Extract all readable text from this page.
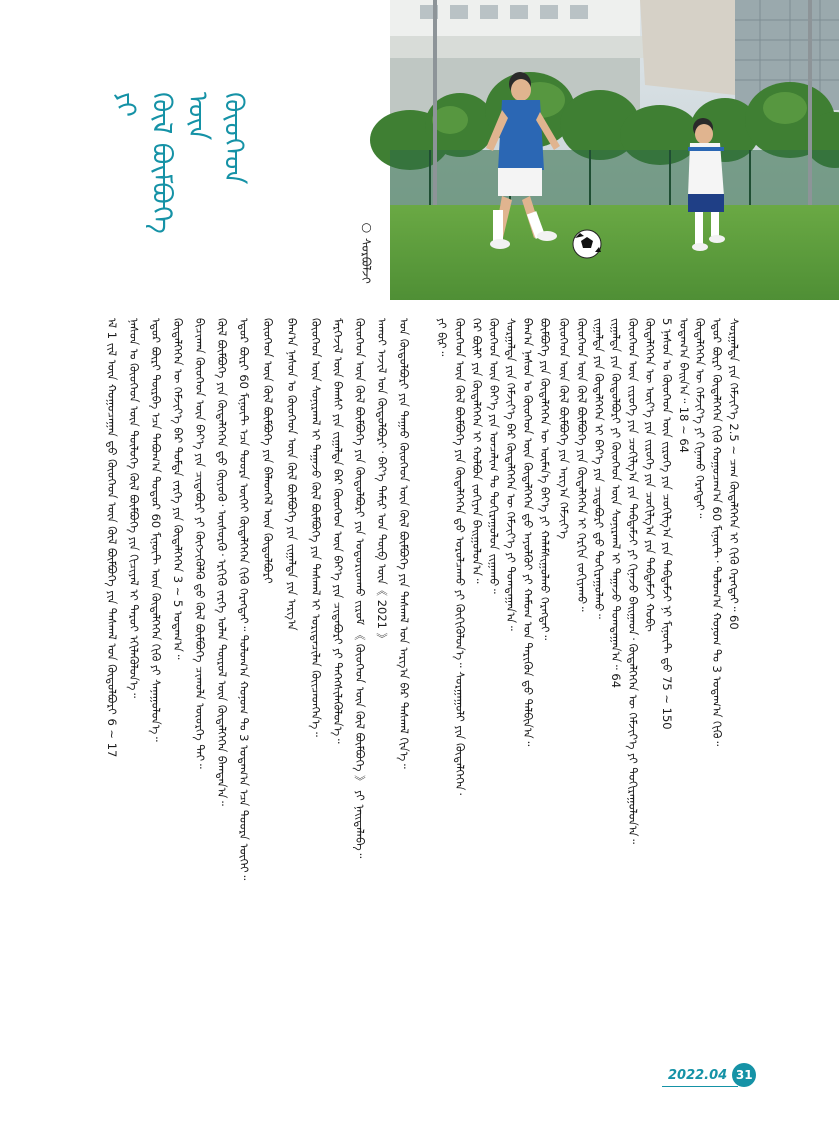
ᠶᠢ ᠬᠥᠯ ᠪᠥᠮᠪᠥᠭᠡ ᠦᠨ ᠬᠦᠦᠬᠡᠳ
○
ᠰᠤᠷᠪᠤᠯᠵᠢ
ᠡᠯ 1 ᠵᠢᠯ ᠦᠨ ᠬᠤᠭᠤᠴᠠᠭᠠᠨ ᠳ᠋ᠤ ᠬᠦᠦᠬᠡᠳ ᠦᠨ ᠬᠥᠯ ᠪᠥᠮᠪᠥᠭᠡ ᠶᠢᠨ ᠳᠠᠰᠬᠠᠯ ᠤᠨ ᠬᠥᠲᠥᠯᠪᠦᠷᠢ 6 ~ 17 ᠨᠠᠰᠤᠨ ᠤ ᠬᠦᠦᠬᠡᠳ ᠦᠨ ᠲᠥᠯᠦᠭᠡ ᠬᠥᠯ ᠪᠥᠮᠪᠥᠭᠡ ᠶᠢᠨ ᠬᠢᠴᠢᠶᠡᠯ ᠢ ᠳᠠᠷᠤᠢ ᠡᠬᠢᠯᠡᠭᠦᠯᠦᠨ᠎ᠡ᠃ ᠡᠳᠦᠷ ᠪᠦᠷᠢ ᠳᠦᠷᠪᠡ ᠡᠴᠡ ᠳᠠᠪᠤᠭ᠎ᠠ ᠲᠤᠳᠤᠷ 60 ᠮᠢᠨᠦ᠋ᠲ ᠦᠨ ᠬᠥᠳᠡᠯᠭᠡᠭᠡᠨ ᠬᠢᠬᠦ ᠶᠢ ᠰᠠᠨᠠᠭᠤᠯᠤᠨ᠎ᠡ᠃ ᠬᠦᠳᠡᠯᠭᠡᠭᠡᠨ ᠦ ᠬᠡᠮᠵᠢᠶ᠎ᠡ ᠪᠠᠷ ᠳᠤᠮᠳᠠ ᠵᠡᠷᠭᠡ ᠶᠢᠨ ᠬᠥᠳᠡᠯᠭᠡᠭᠡᠨ 3 ~ 5 ᠤᠳᠠᠭ᠎ᠠ᠃ ᠪᠢᠴᠢᠬᠠᠨ ᠬᠦᠦᠬᠡᠳ ᠦᠨ ᠪᠡᠶ᠎ᠡ ᠶᠢᠨ ᠴᠢᠳᠠᠪᠤᠷᠢ ᠶᠢ ᠬᠥᠭᠵᠢᠭᠦᠯᠬᠦ ᠳ᠋ᠤ ᠬᠥᠯ ᠪᠥᠮᠪᠥᠭᠡ ᠴᠢᠬᠤᠯᠠ ᠦᠦᠷᠭᠡ ᠲᠠᠢ᠃ ᠬᠥᠯ ᠪᠥᠮᠪᠥᠭᠡ ᠶᠢᠨ ᠬᠥᠳᠡᠯᠭᠡᠭᠡᠨ ᠳ᠋ᠦ ᠭᠦᠶᠦᠬᠦ᠂ ᠦᠰᠦᠷᠬᠦ᠂ ᠡᠷᠭᠢᠬᠦ ᠵᠡᠷᠭᠡ ᠣᠯᠠᠨ ᠲᠥᠷᠦᠯ ᠦᠨ ᠬᠥᠳᠡᠯᠭᠡᠭᠡᠨ ᠪᠠᠭᠲᠠᠨ᠎ᠠ᠃ ᠡᠳᠦᠷ ᠪᠦᠷᠢ 60 ᠮᠢᠨᠦ᠋ᠲ ᠡᠴᠡ ᠳᠤᠤᠷᠠ ᠦᠭᠡᠢ ᠬᠥᠳᠡᠯᠭᠡᠭᠡᠨ ᠬᠢᠬᠦ ᠬᠡᠷᠡᠭᠲᠡᠢ᠃ ᠳᠣᠯᠤᠭ᠎ᠠ ᠬᠣᠨᠤᠭ ᠲᠤ 3 ᠤᠳᠠᠭ᠎ᠠ ᠡᠴᠡ ᠳᠤᠤᠷᠠ ᠦᠭᠡᠢ᠃ ᠬᠦᠦᠬᠡᠳ ᠦᠨ ᠬᠥᠯ ᠪᠥᠮᠪᠥᠭᠡ ᠶᠢᠨ ᠪᠡᠯᠡᠳᠬᠡᠯ ᠦᠨ ᠬᠥᠲᠥᠯᠪᠦᠷᠢ ᠪᠠᠭ᠎ᠠ ᠨᠠᠰᠤᠨ ᠤ ᠬᠦᠦᠬᠡᠳ ᠦᠨ ᠬᠥᠯ ᠪᠥᠮᠪᠥᠭᠡ ᠶᠢᠨ ᠵᠢᠭᠠᠯᠲᠠ ᠶᠢᠨ ᠠᠷᠭ᠎ᠠ ᠬᠦᠦᠬᠡᠳ ᠦᠨ ᠰᠣᠨᠢᠷᠬᠠᠯ ᠢ ᠳᠠᠭᠠᠵᠤ ᠬᠥᠯ ᠪᠥᠮᠪᠥᠭᠡ ᠶᠢᠨ ᠳᠠᠰᠬᠠᠯ ᠢ ᠤᠷᠢᠳᠠᠴᠢᠯᠠᠨ ᠭᠦᠢᠴᠡᠳᠬᠡᠨ᠎ᠡ᠃ ᠮᠡᠷᠭᠡᠵᠢᠯ ᠦᠨ ᠪᠠᠭᠰᠢ ᠶᠢᠨ ᠵᠢᠭᠠᠯᠲᠠ ᠪᠠᠷ ᠬᠦᠦᠬᠡᠳ ᠦᠨ ᠪᠡᠶ᠎ᠡ ᠶᠢᠨ ᠴᠢᠳᠠᠪᠤᠷᠢ ᠶᠢ ᠳᠡᠭᠡᠭᠰᠢᠯᠡᠭᠦᠯᠦᠨ᠎ᠡ᠃ ᠬᠦᠦᠬᠡᠳ ᠦᠨ ᠬᠥᠯ ᠪᠥᠮᠪᠥᠭᠡ ᠶᠢᠨ ᠬᠥᠲᠥᠯᠪᠦᠷᠢ ᠶᠢᠨ ᠤᠳᠤᠷᠢᠳᠬᠤ ᠵᠢᠷᠤᠮ 《 ᠬᠦᠦᠬᠡᠳ ᠦᠨ ᠬᠥᠯ ᠪᠥᠮᠪᠥᠭᠡ 》 ᠶᠢ ᠨᠡᠢᠲᠡᠯᠡᠪᠡ᠃ ᠠᠬᠤᠢ ᠠᠵᠢᠯ ᠤᠨ ᠬᠥᠲᠥᠯᠪᠦᠷᠢ᠂ ᠪᠡᠶ᠎ᠡ ᠲᠠᠮᠢᠷ ᠤᠨ ᠲᠥᠪ ᠦᠨ《 2021 》 ᠤᠨ ᠬᠥᠲᠥᠯᠪᠦᠷᠢ ᠶᠢᠨ ᠳᠠᠭᠠᠤ ᠬᠦᠦᠬᠡᠳ ᠦᠨ ᠬᠥᠯ ᠪᠥᠮᠪᠥᠭᠡ ᠶᠢᠨ ᠳᠠᠰᠬᠠᠯ ᠤᠨ ᠠᠷᠭ᠎ᠠ ᠪᠠᠷ ᠳᠠᠰᠬᠠᠯ ᠬᠢᠨ᠎ᠡ᠃	ᠶᠢ ᠪᠢᠷ᠃ ᠬᠦᠦᠬᠡᠳ ᠦᠨ ᠬᠥᠯ ᠪᠥᠮᠪᠥᠭᠡ ᠶᠢᠨ ᠬᠥᠳᠡᠯᠭᠡᠭᠡᠨ ᠳ᠋ᠦ ᠣᠷᠤᠯᠴᠠᠬᠤ ᠶᠢ ᠬᠥᠬᠢᠭᠦᠯᠦᠨ᠎ᠡ᠃ ᠰᠤᠷᠭᠠᠭᠤᠯᠢ ᠶᠢᠨ ᠬᠥᠳᠡᠯᠭᠡᠭᠡᠨ᠂ ᠭᠡᠷ ᠪᠦᠯᠢ ᠶᠢᠨ ᠬᠥᠳᠡᠯᠭᠡᠭᠡᠨ ᠢ ᠬᠣᠯᠪᠤᠨ ᠵᠣᠬᠢᠶᠠᠨ ᠪᠠᠢᠭᠤᠯᠤᠨ᠎ᠠ᠃ ᠬᠦᠦᠬᠡᠳ ᠦᠨ ᠪᠡᠶ᠎ᠡ ᠶᠢᠨ ᠣᠨᠴᠠᠯᠢᠭ ᠲᠤ ᠲᠣᠬᠢᠷᠠᠭᠤᠯᠤᠨ ᠵᠢᠭᠠᠬᠤ᠃ ᠰᠤᠷᠭᠠᠯᠲᠠ ᠶᠢᠨ ᠬᠡᠮᠵᠢᠶ᠎ᠡ ᠪᠠᠷ ᠬᠥᠳᠡᠯᠭᠡᠭᠡᠨ ᠦ ᠬᠡᠮᠵᠢᠶ᠎ᠡ ᠶᠢ ᠲᠣᠭᠲᠠᠭᠠᠨ᠎ᠠ᠃ ᠪᠠᠭ᠎ᠠ ᠨᠠᠰᠤᠨ ᠤ ᠬᠦᠦᠬᠡᠳ ᠦᠨ ᠬᠥᠳᠡᠯᠭᠡᠭᠡᠨ ᠳ᠋ᠦ ᠠᠶᠤᠯᠭᠦᠢ ᠶᠢ ᠬᠠᠮᠤᠭ ᠤᠨ ᠲᠡᠷᠢᠭᠦᠨ ᠳ᠋ᠦ ᠲᠠᠯᠪᠢᠨ᠎ᠠ᠃ ᠪᠥᠮᠪᠥᠭᠡ ᠶᠢᠨ ᠬᠥᠳᠡᠯᠭᠡᠭᠡᠨ ᠦ ᠦᠮᠡᠨ᠎ᠡ ᠪᠡᠶ᠎ᠡ ᠶᠢ ᠬᠠᠯᠠᠮᠰᠢᠭᠤᠯᠬᠤ ᠬᠡᠷᠡᠭᠲᠡᠢ᠃ ᠬᠦᠦᠬᠡᠳ ᠦᠨ ᠬᠥᠯ ᠪᠥᠮᠪᠥᠭᠡ ᠶᠢᠨ ᠠᠷᠭ᠎ᠠ ᠬᠡᠮᠵᠢᠶ᠎ᠡ ᠬᠦᠦᠬᠡᠳ ᠦᠨ ᠬᠥᠯ ᠪᠥᠮᠪᠥᠭᠡ ᠶᠢᠨ ᠬᠥᠳᠡᠯᠭᠡᠭᠡᠨ ᠢ ᠬᠡᠷᠬᠢᠨ ᠵᠣᠬᠢᠶᠠᠬᠤ᠃ ᠵᠢᠭᠠᠯᠲᠠ ᠶᠢᠨ ᠬᠦᠳᠡᠯᠭᠡᠭᠡᠨ ᠢ ᠪᠡᠶ᠎ᠡ ᠶᠢᠨ ᠴᠢᠳᠠᠪᠤᠷᠢ ᠳ᠋ᠤ ᠲᠣᠬᠢᠷᠠᠭᠤᠯᠬᠤ᠃ ᠵᠢᠭᠠᠯᠲᠠ ᠶᠢᠨ ᠬᠥᠲᠥᠯᠪᠦᠷᠢ ᠶᠢ ᠬᠦᠦᠬᠡᠳ ᠦᠨ ᠰᠣᠨᠢᠷᠬᠠᠯ ᠢ ᠳᠠᠭᠠᠵᠤ ᠲᠣᠭᠲᠠᠭᠠᠨ᠎ᠠ᠃ 64 ᠬᠦᠦᠬᠡᠳ ᠦᠨ ᠵᠢᠷᠦᠬᠡ ᠶᠢᠨ ᠴᠣᠬᠢᠯᠭ᠎ᠠ ᠶᠢᠨ ᠳᠠᠪᠲᠠᠮᠵᠢ ᠶᠢ ᠬᠢᠨᠠᠵᠤ ᠪᠠᠢᠭᠠᠳ᠂ ᠬᠥᠳᠡᠯᠭᠡᠭᠡᠨ ᠦ ᠬᠡᠮᠵᠢᠶ᠎ᠡ ᠶᠢ ᠲᠣᠬᠢᠷᠠᠭᠤᠯᠤᠨ᠎ᠠ᠃ ᠬᠥᠳᠡᠯᠭᠡᠭᠡᠨ ᠦ ᠦᠶ᠎ᠡ ᠶᠢᠨ ᠵᠢᠷᠦᠬᠡ ᠶᠢᠨ ᠴᠣᠬᠢᠯᠭ᠎ᠠ ᠶᠢᠨ ᠳᠠᠪᠲᠠᠮᠵᠢ ᠬᠤᠪᠢ 5 ᠨᠠᠰᠤᠨ ᠤ ᠬᠦᠦᠬᠡᠳ ᠦᠨ ᠵᠢᠷᠦᠬᠡ ᠶᠢᠨ ᠴᠣᠬᠢᠯᠭ᠎ᠠ ᠶᠢᠨ ᠳᠠᠪᠲᠠᠮᠵᠢ ᠨᠢ ᠮᠢᠨᠦ᠋ᠲ ᠳ᠋ᠦ 75 ~ 150 ᠤᠳᠠᠭ᠎ᠠ ᠪᠠᠢᠨ᠎ᠠ᠃ 18 ~ 64 ᠬᠥᠳᠡᠯᠭᠡᠭᠡᠨ ᠦ ᠬᠡᠮᠵᠢᠶ᠎ᠡ ᠶᠢ ᠬᠢᠨᠠᠬᠤ ᠬᠡᠷᠡᠭᠲᠡᠢ᠃ ᠡᠳᠦᠷ ᠪᠦᠷᠢ ᠬᠥᠳᠡᠯᠭᠡᠭᠡᠨ ᠬᠢᠬᠦ ᠬᠤᠭᠤᠴᠠᠭ᠎ᠠ 60 ᠮᠢᠨᠦ᠋ᠲ᠂ ᠳᠣᠯᠤᠭ᠎ᠠ ᠬᠣᠨᠤᠭ ᠲᠤ 3 ᠤᠳᠠᠭ᠎ᠠ ᠬᠢᠬᠦ᠃ ᠰᠤᠷᠭᠠᠯᠲᠠ ᠶᠢᠨ ᠬᠡᠮᠵᠢᠶ᠎ᠡ 2.5 ~ ᠴᠠᠭ ᠬᠥᠳᠡᠯᠭᠡᠭᠡᠨ ᠢ ᠬᠢᠬᠦ ᠬᠡᠷᠡᠭᠲᠡᠢ᠃ 60
2022.04 31
